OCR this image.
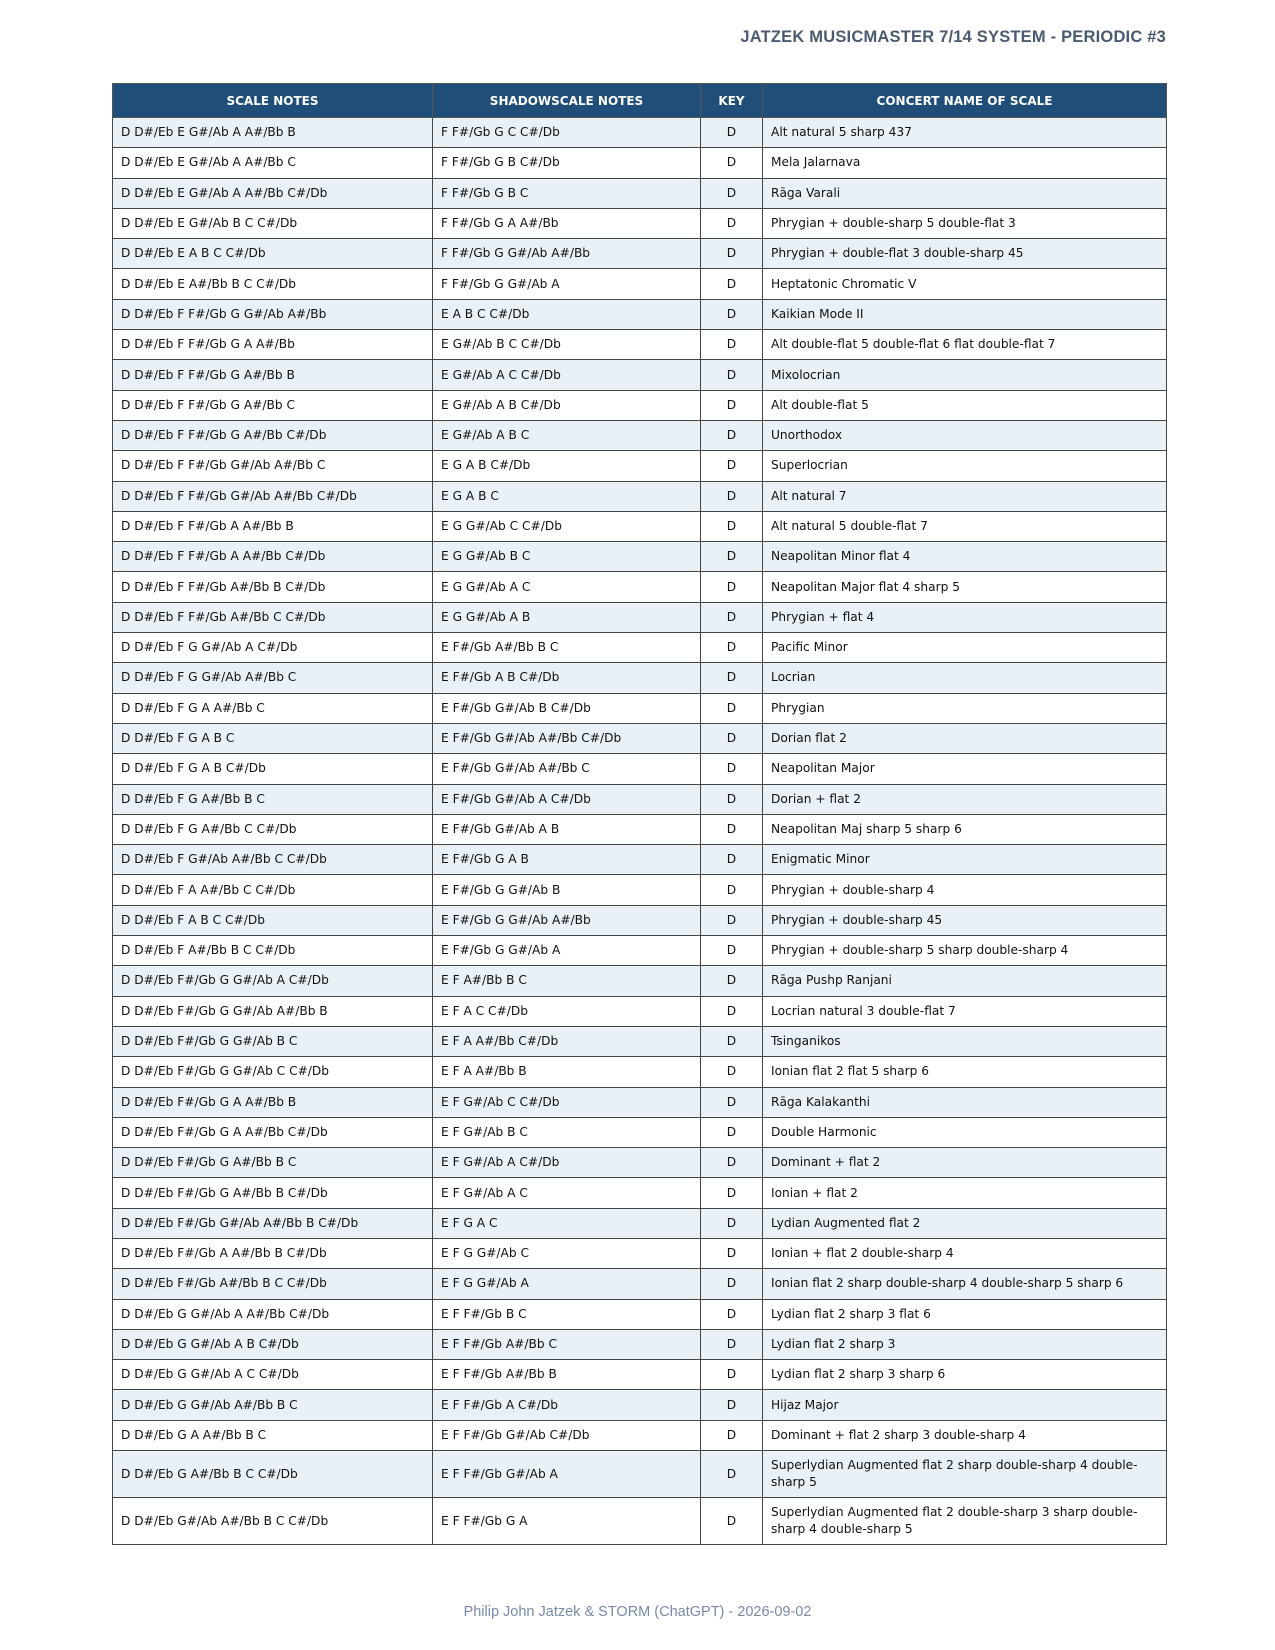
JATZEK MUSICMASTER 7/14 SYSTEM - PERIODIC #3
SCALE NOTES	SHADOWSCALE NOTES	KEY	CONCERT NAME OF SCALE
D D#/Eb E G#/Ab A A#/Bb B	F F#/Gb G C C#/Db	D	Alt natural 5 sharp 437
D D#/Eb E G#/Ab A A#/Bb C	F F#/Gb G B C#/Db	D	Mela Jalarnava
D D#/Eb E G#/Ab A A#/Bb C#/Db	F F#/Gb G B C	D	Rāga Varali
D D#/Eb E G#/Ab B C C#/Db	F F#/Gb G A A#/Bb	D	Phrygian + double-sharp 5 double-flat 3
D D#/Eb E A B C C#/Db	F F#/Gb G G#/Ab A#/Bb	D	Phrygian + double-flat 3 double-sharp 45
D D#/Eb E A#/Bb B C C#/Db	F F#/Gb G G#/Ab A	D	Heptatonic Chromatic V
D D#/Eb F F#/Gb G G#/Ab A#/Bb	E A B C C#/Db	D	Kaikian Mode II
D D#/Eb F F#/Gb G A A#/Bb	E G#/Ab B C C#/Db	D	Alt double-flat 5 double-flat 6 flat double-flat 7
D D#/Eb F F#/Gb G A#/Bb B	E G#/Ab A C C#/Db	D	Mixolocrian
D D#/Eb F F#/Gb G A#/Bb C	E G#/Ab A B C#/Db	D	Alt double-flat 5
D D#/Eb F F#/Gb G A#/Bb C#/Db	E G#/Ab A B C	D	Unorthodox
D D#/Eb F F#/Gb G#/Ab A#/Bb C	E G A B C#/Db	D	Superlocrian
D D#/Eb F F#/Gb G#/Ab A#/Bb C#/Db	E G A B C	D	Alt natural 7
D D#/Eb F F#/Gb A A#/Bb B	E G G#/Ab C C#/Db	D	Alt natural 5 double-flat 7
D D#/Eb F F#/Gb A A#/Bb C#/Db	E G G#/Ab B C	D	Neapolitan Minor flat 4
D D#/Eb F F#/Gb A#/Bb B C#/Db	E G G#/Ab A C	D	Neapolitan Major flat 4 sharp 5
D D#/Eb F F#/Gb A#/Bb C C#/Db	E G G#/Ab A B	D	Phrygian + flat 4
D D#/Eb F G G#/Ab A C#/Db	E F#/Gb A#/Bb B C	D	Pacific Minor
D D#/Eb F G G#/Ab A#/Bb C	E F#/Gb A B C#/Db	D	Locrian
D D#/Eb F G A A#/Bb C	E F#/Gb G#/Ab B C#/Db	D	Phrygian
D D#/Eb F G A B C	E F#/Gb G#/Ab A#/Bb C#/Db	D	Dorian flat 2
D D#/Eb F G A B C#/Db	E F#/Gb G#/Ab A#/Bb C	D	Neapolitan Major
D D#/Eb F G A#/Bb B C	E F#/Gb G#/Ab A C#/Db	D	Dorian + flat 2
D D#/Eb F G A#/Bb C C#/Db	E F#/Gb G#/Ab A B	D	Neapolitan Maj sharp 5 sharp 6
D D#/Eb F G#/Ab A#/Bb C C#/Db	E F#/Gb G A B	D	Enigmatic Minor
D D#/Eb F A A#/Bb C C#/Db	E F#/Gb G G#/Ab B	D	Phrygian + double-sharp 4
D D#/Eb F A B C C#/Db	E F#/Gb G G#/Ab A#/Bb	D	Phrygian + double-sharp 45
D D#/Eb F A#/Bb B C C#/Db	E F#/Gb G G#/Ab A	D	Phrygian + double-sharp 5 sharp double-sharp 4
D D#/Eb F#/Gb G G#/Ab A C#/Db	E F A#/Bb B C	D	Rāga Pushp Ranjani
D D#/Eb F#/Gb G G#/Ab A#/Bb B	E F A C C#/Db	D	Locrian natural 3 double-flat 7
D D#/Eb F#/Gb G G#/Ab B C	E F A A#/Bb C#/Db	D	Tsinganikos
D D#/Eb F#/Gb G G#/Ab C C#/Db	E F A A#/Bb B	D	Ionian flat 2 flat 5 sharp 6
D D#/Eb F#/Gb G A A#/Bb B	E F G#/Ab C C#/Db	D	Rāga Kalakanthi
D D#/Eb F#/Gb G A A#/Bb C#/Db	E F G#/Ab B C	D	Double Harmonic
D D#/Eb F#/Gb G A#/Bb B C	E F G#/Ab A C#/Db	D	Dominant + flat 2
D D#/Eb F#/Gb G A#/Bb B C#/Db	E F G#/Ab A C	D	Ionian + flat 2
D D#/Eb F#/Gb G#/Ab A#/Bb B C#/Db	E F G A C	D	Lydian Augmented flat 2
D D#/Eb F#/Gb A A#/Bb B C#/Db	E F G G#/Ab C	D	Ionian + flat 2 double-sharp 4
D D#/Eb F#/Gb A#/Bb B C C#/Db	E F G G#/Ab A	D	Ionian flat 2 sharp double-sharp 4 double-sharp 5 sharp 6
D D#/Eb G G#/Ab A A#/Bb C#/Db	E F F#/Gb B C	D	Lydian flat 2 sharp 3 flat 6
D D#/Eb G G#/Ab A B C#/Db	E F F#/Gb A#/Bb C	D	Lydian flat 2 sharp 3
D D#/Eb G G#/Ab A C C#/Db	E F F#/Gb A#/Bb B	D	Lydian flat 2 sharp 3 sharp 6
D D#/Eb G G#/Ab A#/Bb B C	E F F#/Gb A C#/Db	D	Hijaz Major
D D#/Eb G A A#/Bb B C	E F F#/Gb G#/Ab C#/Db	D	Dominant + flat 2 sharp 3 double-sharp 4
D D#/Eb G A#/Bb B C C#/Db	E F F#/Gb G#/Ab A	D	Superlydian Augmented flat 2 sharp double-sharp 4 double-sharp 5
D D#/Eb G#/Ab A#/Bb B C C#/Db	E F F#/Gb G A	D	Superlydian Augmented flat 2 double-sharp 3 sharp double-sharp 4 double-sharp 5
Philip John Jatzek & STORM (ChatGPT) - 2026-09-02
